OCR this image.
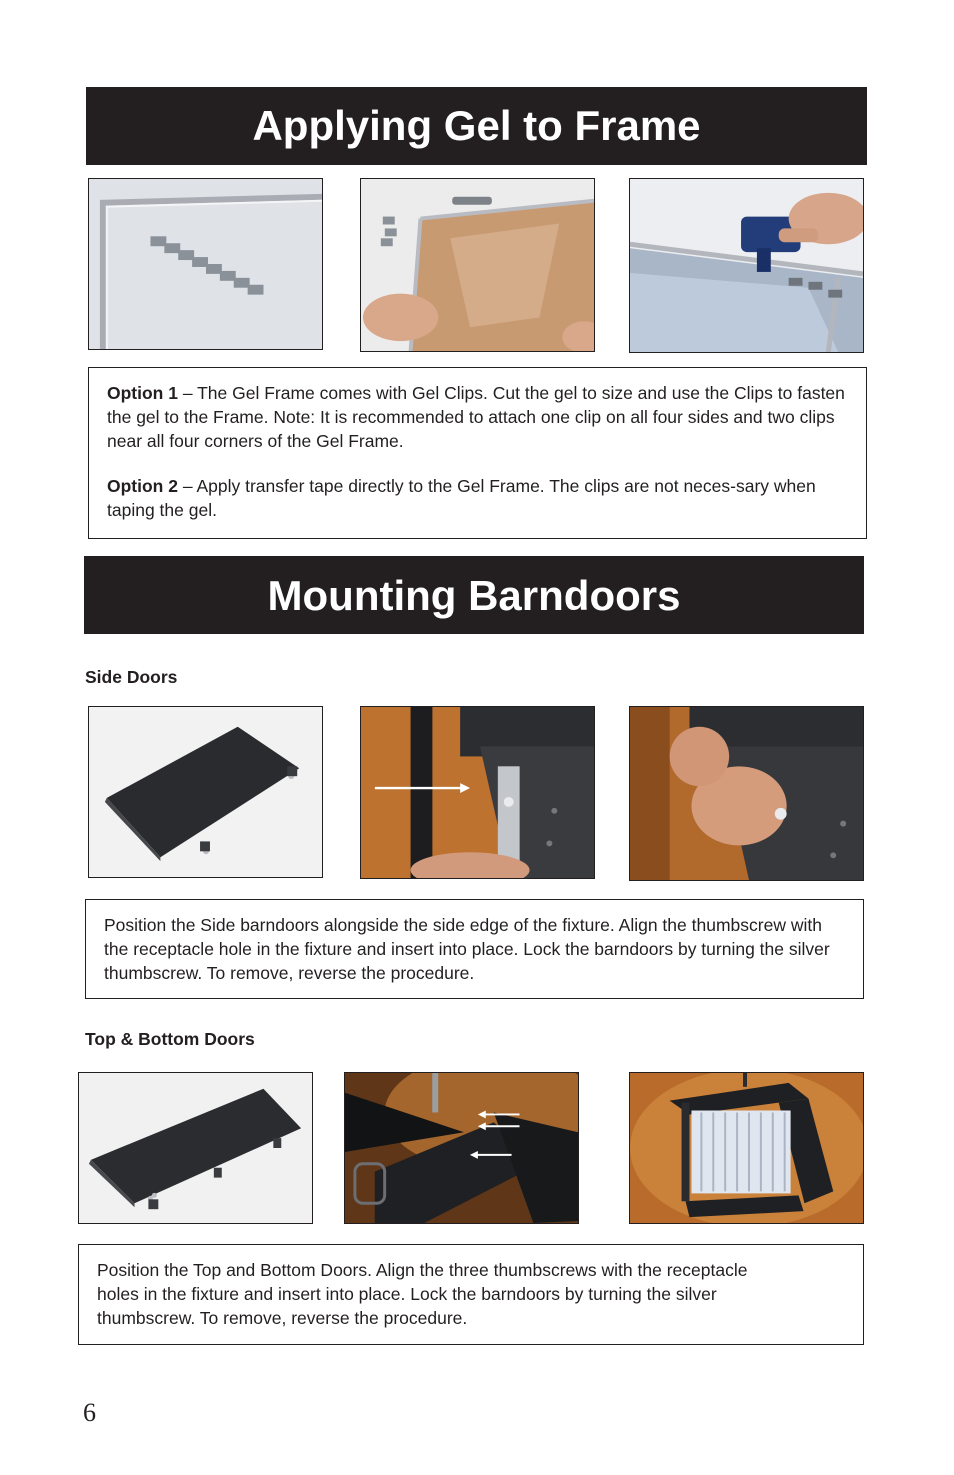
Applying Gel to Frame

Option 1 – The Gel Frame comes with Gel Clips. Cut the gel to size and use the Clips to fasten the gel to the Frame. Note: It is recommended to attach one clip on all four sides and two clips near all four corners of the Gel Frame.

Option 2 – Apply transfer tape directly to the Gel Frame. The clips are not neces-sary when taping the gel.

Mounting Barndoors
Side Doors

Position the Side barndoors alongside the side edge of the fixture. Align the thumbscrew with the receptacle hole in the fixture and insert into place. Lock the barndoors by turning the silver thumbscrew. To remove, reverse the procedure.

Top & Bottom Doors

Position the Top and Bottom Doors. Align the three thumbscrews with the receptacle holes in the fixture and insert into place. Lock the barndoors by turning the silver thumbscrew. To remove, reverse the procedure.

6
